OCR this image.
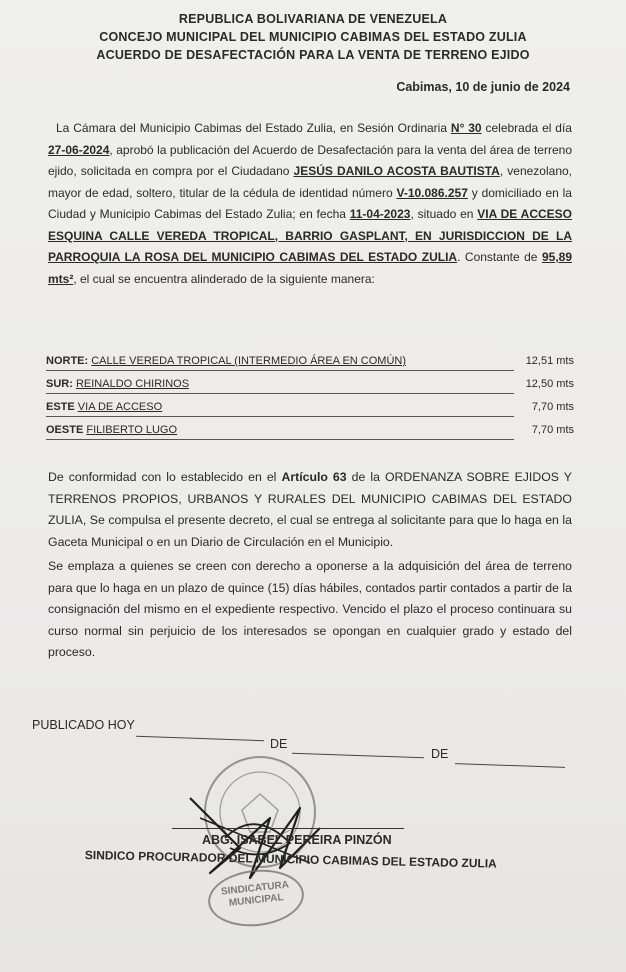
REPUBLICA BOLIVARIANA DE VENEZUELA
CONCEJO MUNICIPAL DEL MUNICIPIO CABIMAS DEL ESTADO ZULIA
ACUERDO DE DESAFECTACIÓN PARA LA VENTA DE TERRENO EJIDO
Cabimas, 10 de junio de 2024
La Cámara del Municipio Cabimas del Estado Zulia, en Sesión Ordinaria N° 30 celebrada el día 27-06-2024, aprobó la publicación del Acuerdo de Desafectación para la venta del área de terreno ejido, solicitada en compra por el Ciudadano JESÚS DANILO ACOSTA BAUTISTA, venezolano, mayor de edad, soltero, titular de la cédula de identidad número V-10.086.257 y domiciliado en la Ciudad y Municipio Cabimas del Estado Zulia; en fecha 11-04-2023, situado en VIA DE ACCESO ESQUINA CALLE VEREDA TROPICAL, BARRIO GASPLANT, EN JURISDICCION DE LA PARROQUIA LA ROSA DEL MUNICIPIO CABIMAS DEL ESTADO ZULIA. Constante de 95,89 mts², el cual se encuentra alinderado de la siguiente manera:
NORTE: CALLE VEREDA TROPICAL (INTERMEDIO ÁREA EN COMÚN)	12,51 mts
SUR: REINALDO CHIRINOS	12,50 mts
ESTE VIA DE ACCESO	7,70 mts
OESTE FILIBERTO LUGO	7,70 mts
De conformidad con lo establecido en el Artículo 63 de la ORDENANZA SOBRE EJIDOS Y TERRENOS PROPIOS, URBANOS Y RURALES DEL MUNICIPIO CABIMAS DEL ESTADO ZULIA, Se compulsa el presente decreto, el cual se entrega al solicitante para que lo haga en la Gaceta Municipal o en un Diario de Circulación en el Municipio.
Se emplaza a quienes se creen con derecho a oponerse a la adquisición del área de terreno para que lo haga en un plazo de quince (15) días hábiles, contados partir contados a partir de la consignación del mismo en el expediente respectivo. Vencido el plazo el proceso continuara su curso normal sin perjuicio de los interesados se opongan en cualquier grado y estado del proceso.
PUBLICADO HOY
DE
DE
ABG. ISABEL PEREIRA PINZÓN
SINDICO PROCURADOR DEL MUNICIPIO CABIMAS DEL ESTADO ZULIA
SINDICATURA MUNICIPAL
